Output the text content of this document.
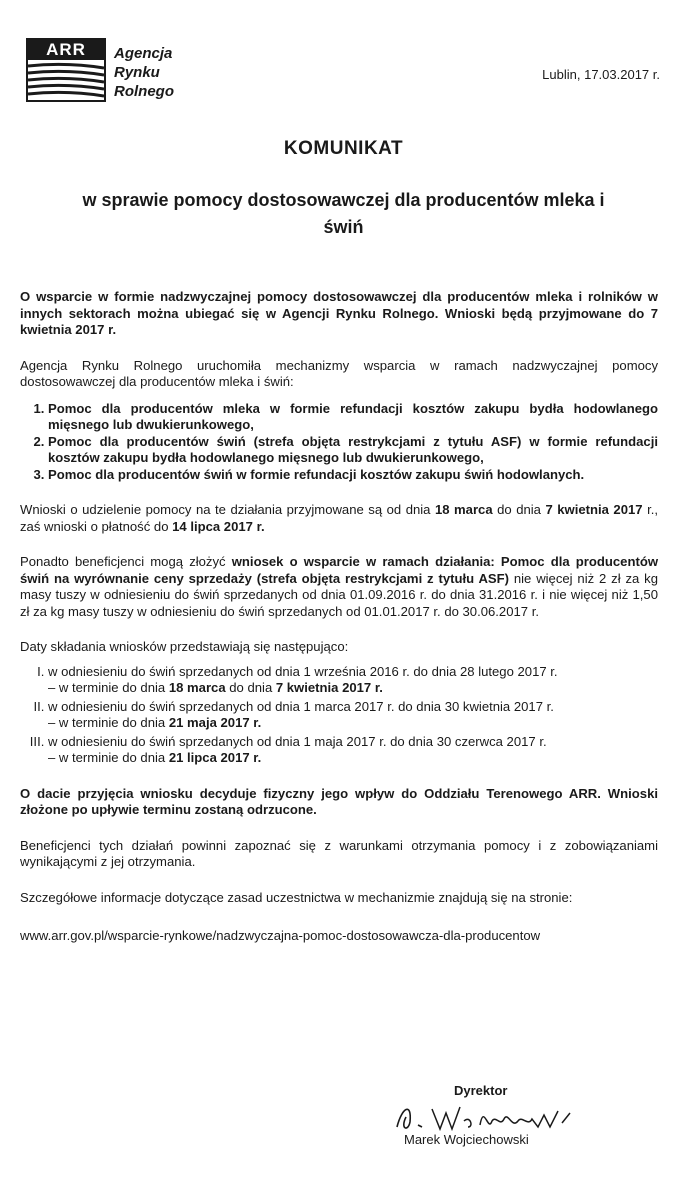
ARR	Agencja
Rynku
Rolnego
Lublin, 17.03.2017 r.
KOMUNIKAT
w sprawie pomocy dostosowawczej dla producentów mleka i świń

O wsparcie w formie nadzwyczajnej pomocy dostosowawczej dla producentów mleka i rolników w innych sektorach można ubiegać się w Agencji Rynku Rolnego. Wnioski będą przyjmowane do 7 kwietnia 2017 r.

Agencja Rynku Rolnego uruchomiła mechanizmy wsparcia w ramach nadzwyczajnej pomocy dostosowawczej dla producentów mleka i świń:

1. Pomoc dla producentów mleka w formie refundacji kosztów zakupu bydła hodowlanego mięsnego lub dwukierunkowego,
2. Pomoc dla producentów świń (strefa objęta restrykcjami z tytułu ASF) w formie refundacji kosztów zakupu bydła hodowlanego mięsnego lub dwukierunkowego,
3. Pomoc dla producentów świń w formie refundacji kosztów zakupu świń hodowlanych.

Wnioski o udzielenie pomocy na te działania przyjmowane są od dnia 18 marca do dnia 7 kwietnia 2017 r., zaś wnioski o płatność do 14 lipca 2017 r.

Ponadto beneficjenci mogą złożyć wniosek o wsparcie w ramach działania: Pomoc dla producentów świń na wyrównanie ceny sprzedaży (strefa objęta restrykcjami z tytułu ASF) nie więcej niż 2 zł za kg masy tuszy w odniesieniu do świń sprzedanych od dnia 01.09.2016 r. do dnia 31.2016 r. i nie więcej niż 1,50 zł za kg masy tuszy w odniesieniu do świń sprzedanych od 01.01.2017 r. do 30.06.2017 r.

Daty składania wniosków przedstawiają się następująco:

I. w odniesieniu do świń sprzedanych od dnia 1 września 2016 r. do dnia 28 lutego 2017 r.
– w terminie do dnia 18 marca do dnia 7 kwietnia 2017 r.
II. w odniesieniu do świń sprzedanych od dnia 1 marca 2017 r. do dnia 30 kwietnia 2017 r.
– w terminie do dnia 21 maja 2017 r.
III. w odniesieniu do świń sprzedanych od dnia 1 maja 2017 r. do dnia 30 czerwca 2017 r.
– w terminie do dnia 21 lipca 2017 r.

O dacie przyjęcia wniosku decyduje fizyczny jego wpływ do Oddziału Terenowego ARR. Wnioski złożone po upływie terminu zostaną odrzucone.

Beneficjenci tych działań powinni zapoznać się z warunkami otrzymania pomocy i z zobowiązaniami wynikającymi z jej otrzymania.

Szczegółowe informacje dotyczące zasad uczestnictwa w mechanizmie znajdują się na stronie:

www.arr.gov.pl/wsparcie-rynkowe/nadzwyczajna-pomoc-dostosowawcza-dla-producentow
Dyrektor
Marek Wojciechowski
